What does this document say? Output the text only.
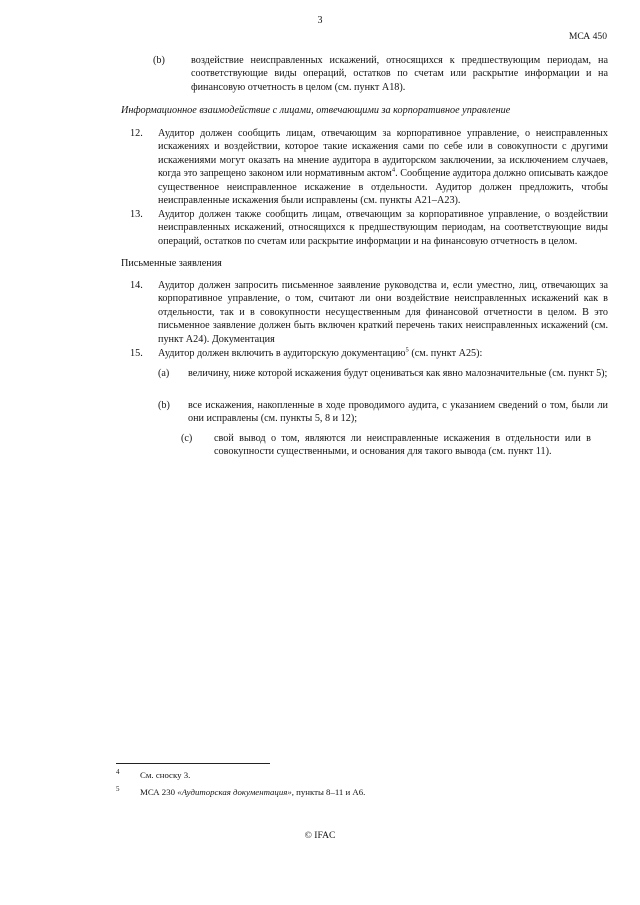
3
МСА 450
(b)	воздействие неисправленных искажений, относящихся к предшествующим периодам, на соответствующие виды операций, остатков по счетам или раскрытие информации и на финансовую отчетность в целом (см. пункт А18).
Информационное взаимодействие с лицами, отвечающими за корпоративное управление
12. Аудитор должен сообщить лицам, отвечающим за корпоративное управление, о неисправленных искажениях и воздействии, которое такие искажения сами по себе или в совокупности с другими искажениями могут оказать на мнение аудитора в аудиторском заключении, за исключением случаев, когда это запрещено законом или нормативным актом$^4$. Сообщение аудитора должно описывать каждое существенное неисправленное искажение в отдельности. Аудитор должен предложить, чтобы неисправленные искажения были исправлены (см. пункты А21–А23).
13. Аудитор должен также сообщить лицам, отвечающим за корпоративное управление, о воздействии неисправленных искажений, относящихся к предшествующим периодам, на соответствующие виды операций, остатков по счетам или раскрытие информации и на финансовую отчетность в целом.
Письменные заявления
14. Аудитор должен запросить письменное заявление руководства и, если уместно, лиц, отвечающих за корпоративное управление, о том, считают ли они воздействие неисправленных искажений как в отдельности, так и в совокупности несущественным для финансовой отчетности в целом. В это письменное заявление должен быть включен краткий перечень таких неисправленных искажений (см. пункт А24). Документация
15. Аудитор должен включить в аудиторскую документацию$^5$ (см. пункт А25):
(a) величину, ниже которой искажения будут оцениваться как явно малозначительные (см. пункт 5);
(b) все искажения, накопленные в ходе проводимого аудита, с указанием сведений о том, были ли они исправлены (см. пункты 5, 8 и 12);
(c) свой вывод о том, являются ли неисправленные искажения в отдельности или в совокупности существенными, и основания для такого вывода (см. пункт 11).
4 См. сноску 3.
5 МСА 230 «Аудиторская документация», пункты 8–11 и А6.
© IFAC
